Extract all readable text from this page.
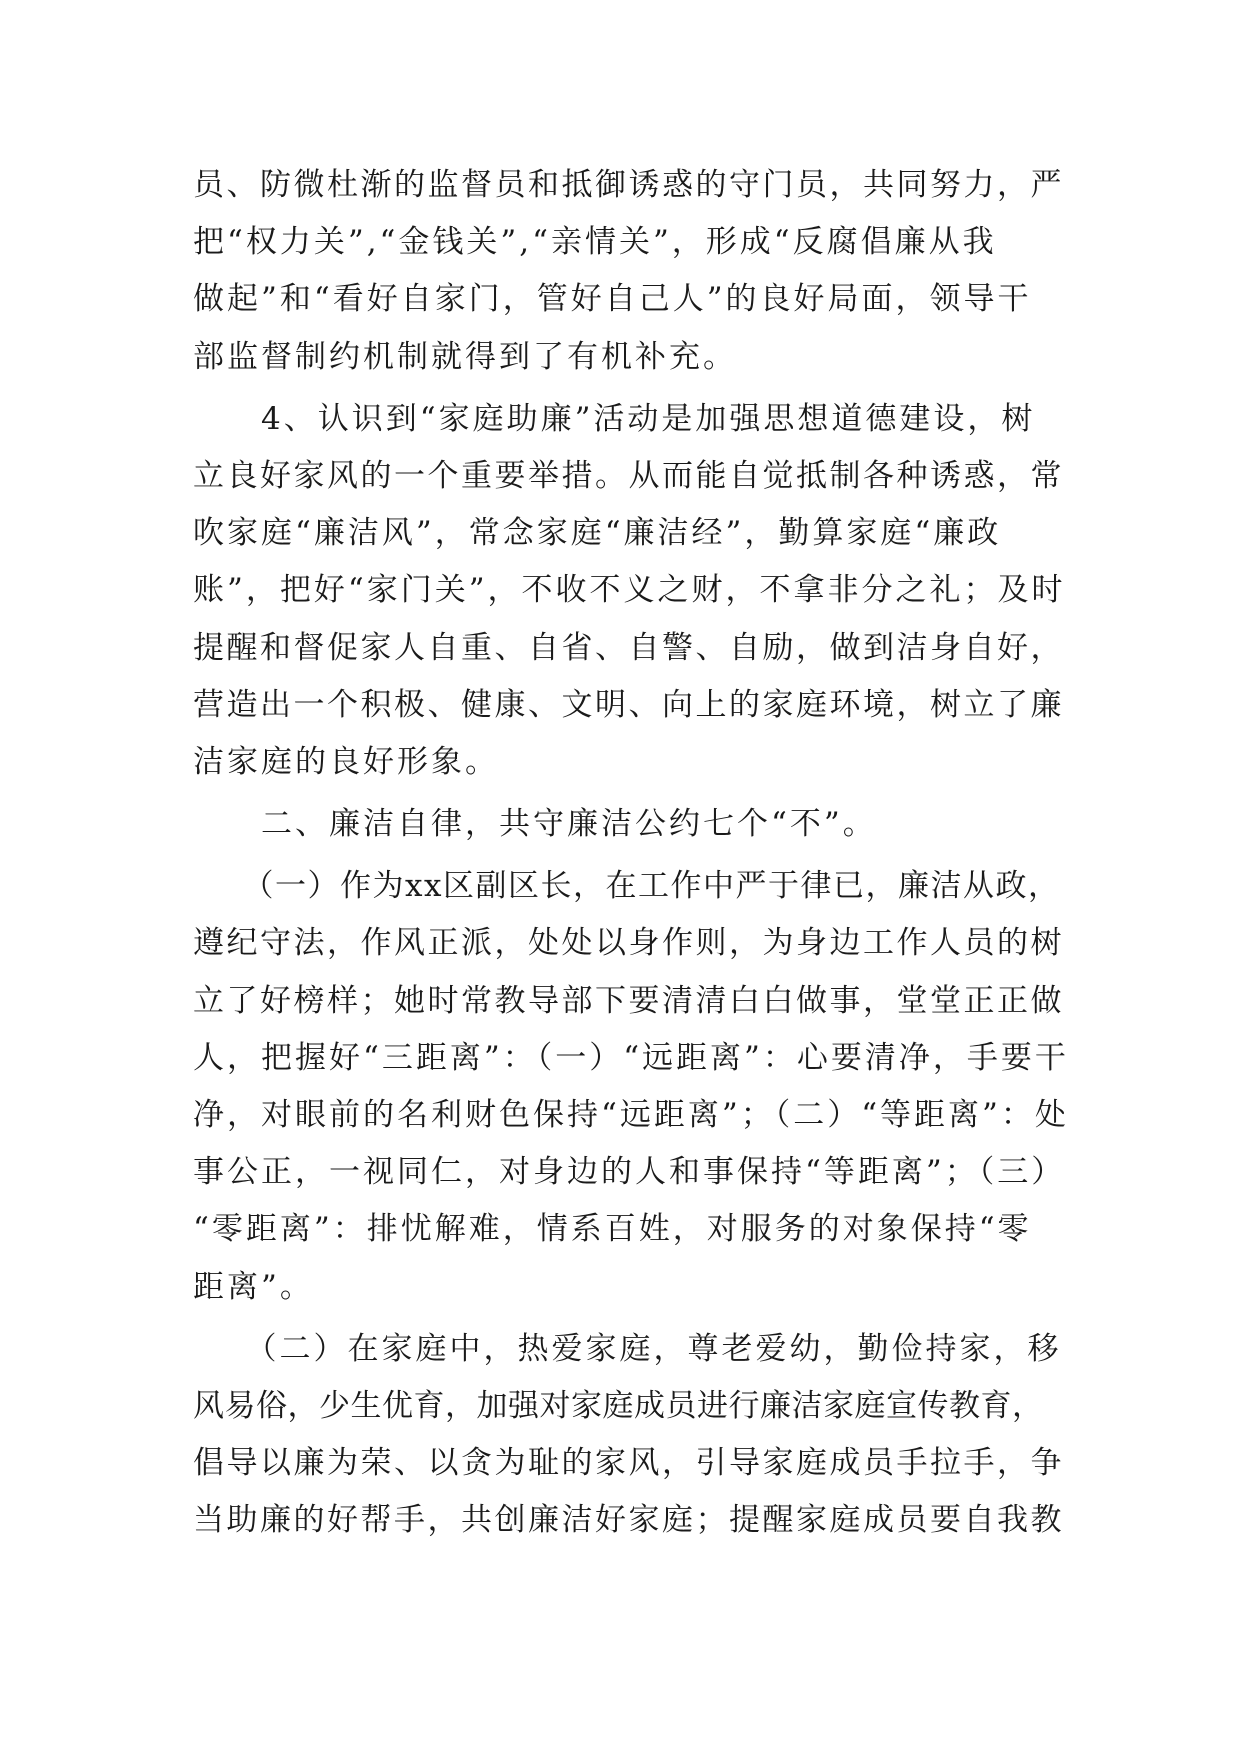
员、防微杜渐的监督员和抵御诱惑的守门员，共同努力，严
把“权力关”,“金钱关”,“亲情关”，形成“反腐倡廉从我
做起”和“看好自家门，管好自己人”的良好局面，领导干
部监督制约机制就得到了有机补充。
　　4、认识到“家庭助廉”活动是加强思想道德建设，树
立良好家风的一个重要举措。从而能自觉抵制各种诱惑，常
吹家庭“廉洁风”，常念家庭“廉洁经”，勤算家庭“廉政
账”，把好“家门关”，不收不义之财，不拿非分之礼；及时
提醒和督促家人自重、自省、自警、自励，做到洁身自好，
营造出一个积极、健康、文明、向上的家庭环境，树立了廉
洁家庭的良好形象。
　　二、廉洁自律，共守廉洁公约七个“不”。
　　（一）作为xx区副区长，在工作中严于律已，廉洁从政，
遵纪守法，作风正派，处处以身作则，为身边工作人员的树
立了好榜样；她时常教导部下要清清白白做事，堂堂正正做
人，把握好“三距离”：（一）“远距离”：心要清净，手要干
净，对眼前的名利财色保持“远距离”；（二）“等距离”：处
事公正，一视同仁，对身边的人和事保持“等距离”；（三）
“零距离”：排忧解难，情系百姓，对服务的对象保持“零
距离”。
　　（二）在家庭中，热爱家庭，尊老爱幼，勤俭持家，移
风易俗，少生优育，加强对家庭成员进行廉洁家庭宣传教育，
倡导以廉为荣、以贪为耻的家风，引导家庭成员手拉手，争
当助廉的好帮手，共创廉洁好家庭；提醒家庭成员要自我教
